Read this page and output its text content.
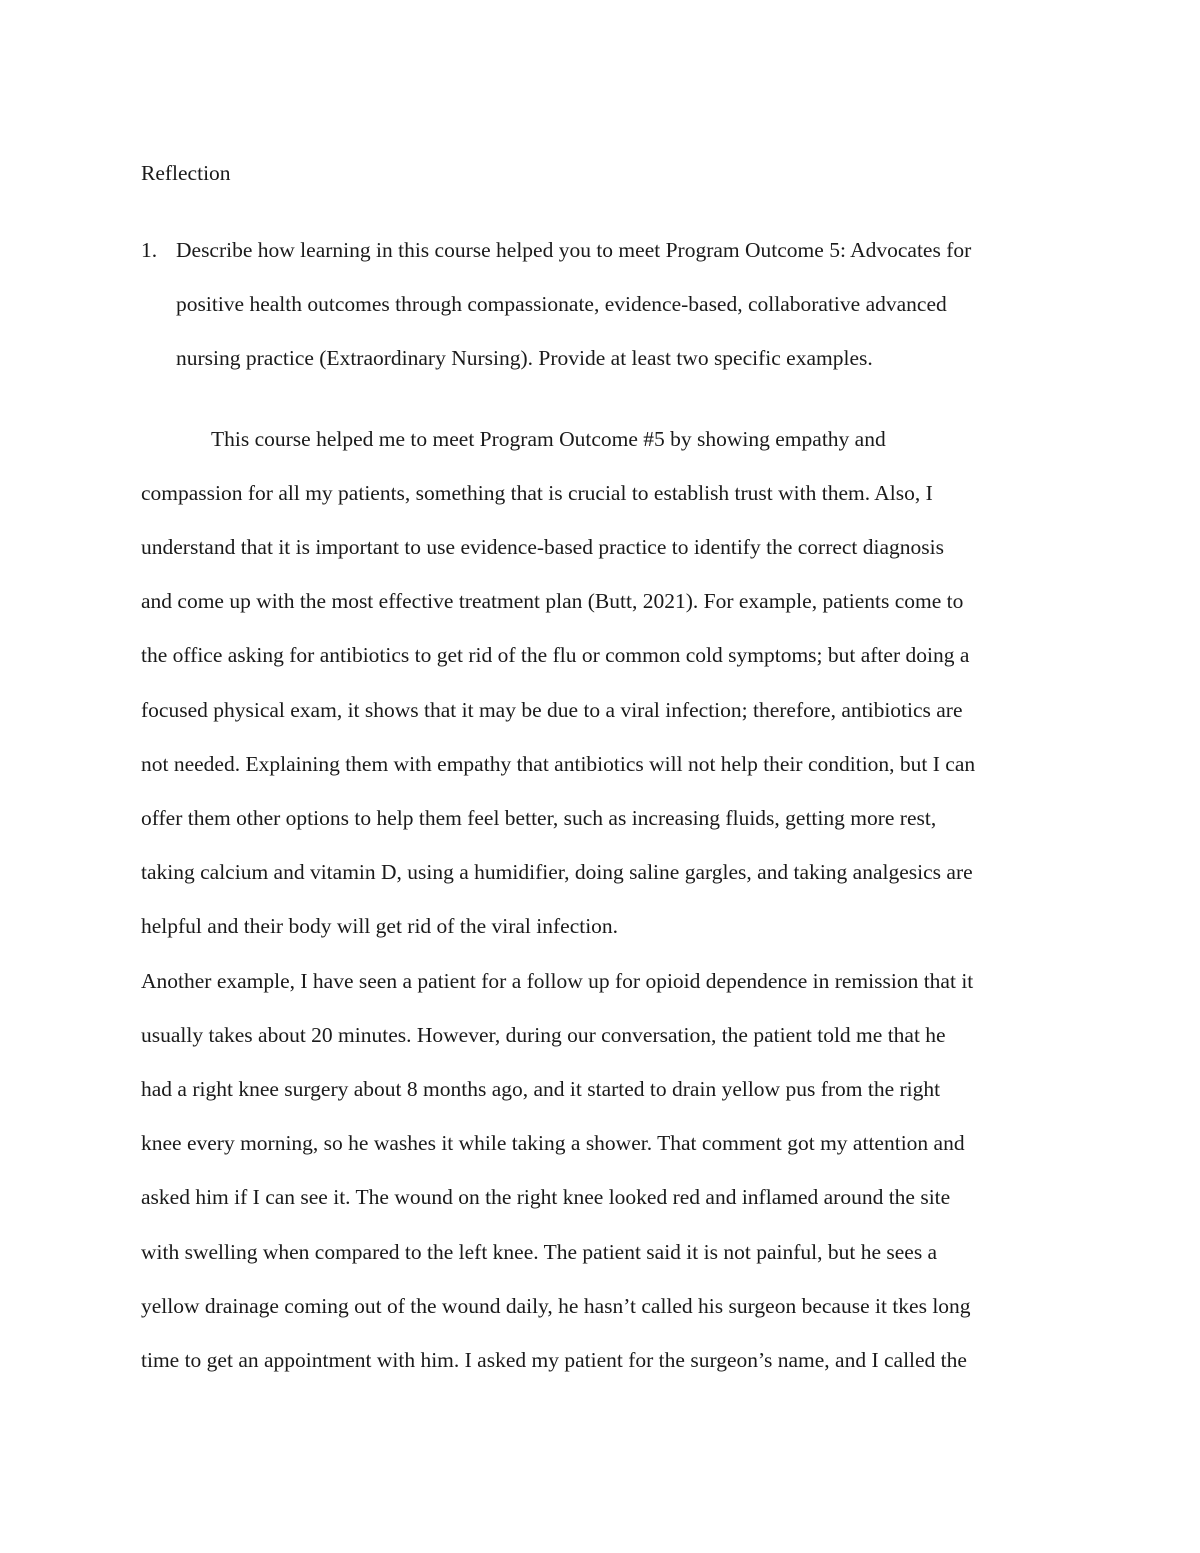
Reflection
1. Describe how learning in this course helped you to meet Program Outcome 5: Advocates for
positive health outcomes through compassionate, evidence-based, collaborative advanced
nursing practice (Extraordinary Nursing). Provide at least two specific examples.
This course helped me to meet Program Outcome #5 by showing empathy and
compassion for all my patients, something that is crucial to establish trust with them. Also, I
understand that it is important to use evidence-based practice to identify the correct diagnosis
and come up with the most effective treatment plan (Butt, 2021). For example, patients come to
the office asking for antibiotics to get rid of the flu or common cold symptoms; but after doing a
focused physical exam, it shows that it may be due to a viral infection; therefore, antibiotics are
not needed. Explaining them with empathy that antibiotics will not help their condition, but I can
offer them other options to help them feel better, such as increasing fluids, getting more rest,
taking calcium and vitamin D, using a humidifier, doing saline gargles, and taking analgesics are
helpful and their body will get rid of the viral infection.
Another example, I have seen a patient for a follow up for opioid dependence in remission that it
usually takes about 20 minutes. However, during our conversation, the patient told me that he
had a right knee surgery about 8 months ago, and it started to drain yellow pus from the right
knee every morning, so he washes it while taking a shower. That comment got my attention and
asked him if I can see it. The wound on the right knee looked red and inflamed around the site
with swelling when compared to the left knee. The patient said it is not painful, but he sees a
yellow drainage coming out of the wound daily, he hasn’t called his surgeon because it tkes long
time to get an appointment with him. I asked my patient for the surgeon’s name, and I called the
